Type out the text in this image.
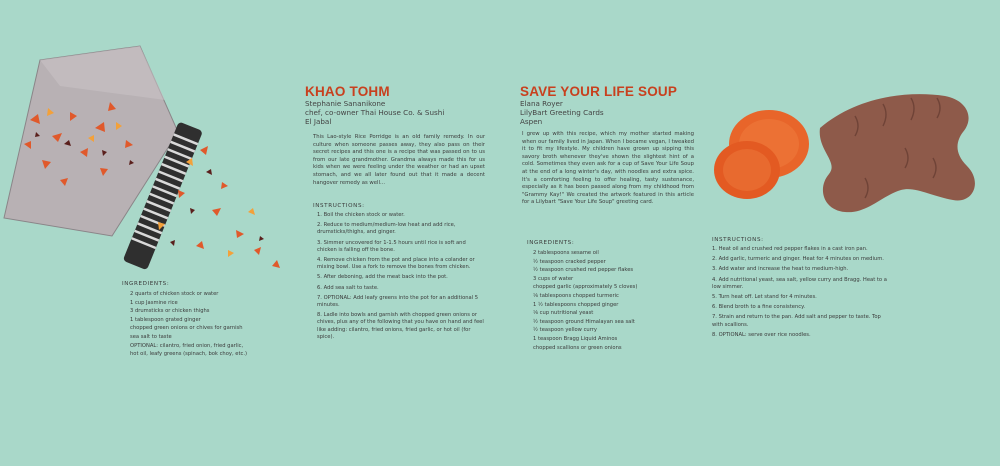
INGREDIENTS:
2 quarts of chicken stock or water
1 cup Jasmine rice
3 drumsticks or chicken thighs
1 tablespoon grated ginger
chopped green onions or chives for garnish
sea salt to taste
OPTIONAL: cilantro, fried onion, fried garlic,
hot oil, leafy greens (spinach, bok choy, etc.)
KHAO TOHM
Stephanie Sananikone
chef, co-owner Thai House Co. & Sushi
El Jabal
This Lao-style Rice Porridge is an old family remedy. In our culture when someone passes away, they also pass on their secret recipes and this one is a recipe that was passed on to us from our late grandmother. Grandma always made this for us kids when we were feeling under the weather or had an upset stomach, and we all later found out that it made a decent hangover remedy as well...
INSTRUCTIONS:
1. Boil the chicken stock or water.
2. Reduce to medium/medium-low heat and add rice, drumsticks/thighs, and ginger.
3. Simmer uncovered for 1-1.5 hours until rice is soft and chicken is falling off the bone.
4. Remove chicken from the pot and place into a colander or mixing bowl. Use a fork to remove the bones from chicken.
5. After deboning, add the meat back into the pot.
6. Add sea salt to taste.
7. OPTIONAL: Add leafy greens into the pot for an additional 5 minutes.
8. Ladle into bowls and garnish with chopped green onions or chives, plus any of the following that you have on hand and feel like adding: cilantro, fried onions, fried garlic, or hot oil (for spice).
SAVE YOUR LIFE SOUP
Elana Royer
LilyBart Greeting Cards
Aspen
I grew up with this recipe, which my mother started making when our family lived in Japan. When I became vegan, I tweaked it to fit my lifestyle. My children have grown up sipping this savory broth whenever they've shown the slightest hint of a cold. Sometimes they even ask for a cup of Save Your Life Soup at the end of a long winter's day, with noodles and extra spice. It's a comforting feeling to offer healing, tasty sustenance, especially as it has been passed along from my childhood from "Grammy Kay!" We created the artwork featured in this article for a Lilybart "Save Your Life Soup" greeting card.
INGREDIENTS:
2 tablespoons sesame oil
½ teaspoon cracked pepper
½ teaspoon crushed red pepper flakes
3 cups of water
chopped garlic (approximately 5 cloves)
⅛ tablespoons chopped turmeric
1 ½ tablespoons chopped ginger
⅛ cup nutritional yeast
½ teaspoon ground Himalayan sea salt
½ teaspoon yellow curry
1 teaspoon Bragg Liquid Aminos
chopped scallions or green onions
INSTRUCTIONS:
1. Heat oil and crushed red pepper flakes in a cast iron pan.
2. Add garlic, turmeric and ginger. Heat for 4 minutes on medium.
3. Add water and increase the heat to medium-high.
4. Add nutritional yeast, sea salt, yellow curry and Bragg. Heat to a low simmer.
5. Turn heat off. Let stand for 4 minutes.
6. Blend broth to a fine consistency.
7. Strain and return to the pan. Add salt and pepper to taste. Top with scallions.
8. OPTIONAL: serve over rice noodles.
